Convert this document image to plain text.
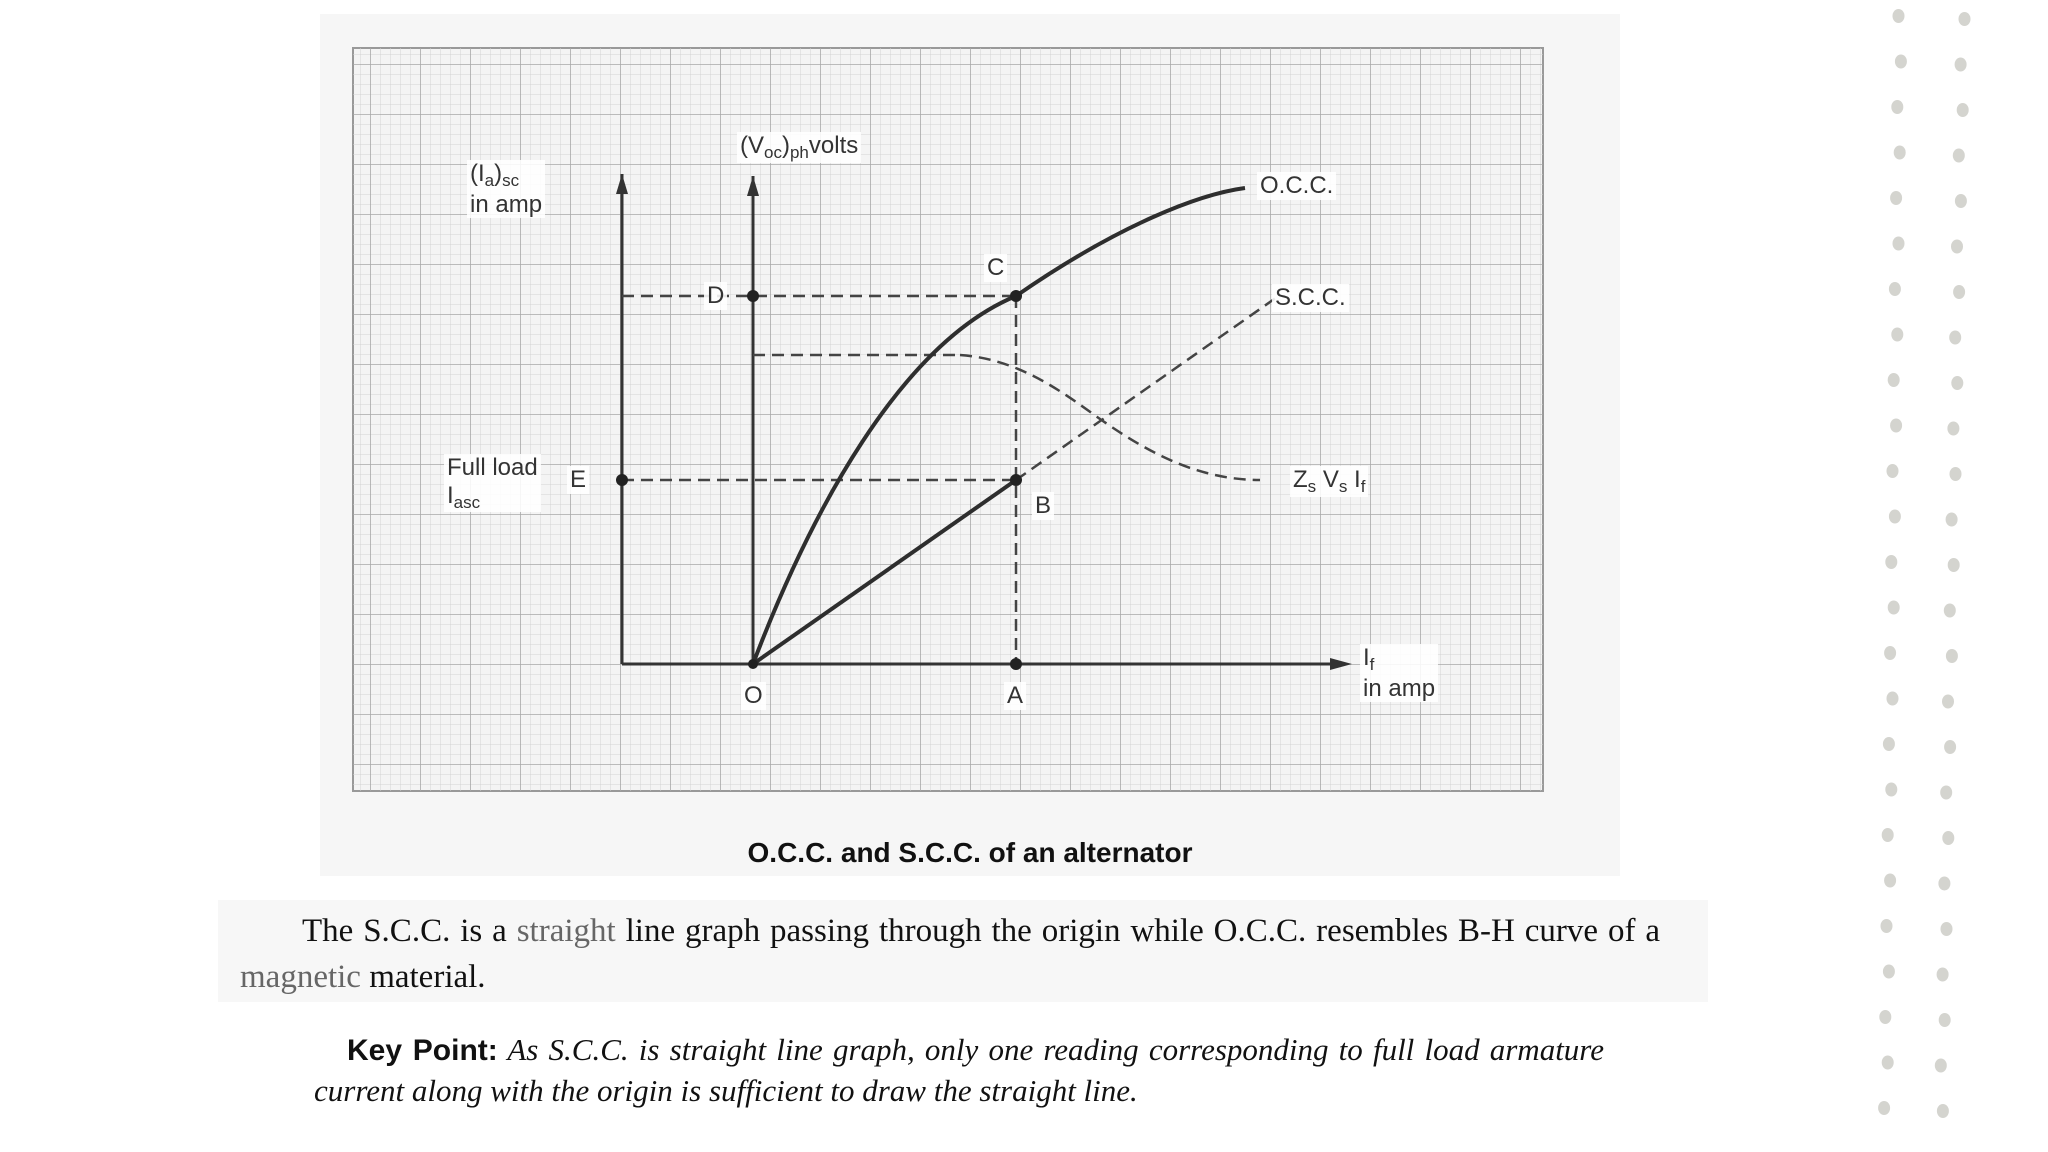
$(I_a)_{sc}$
in amp
$(V_{oc})_{ph}volts$
$I_f$
in amp
Full load
$I_{asc}$
O	A
B
C
D
E
O.C.C.
S.C.C.
$Z_s$ $V_s$ $I_f$
O.C.C. and S.C.C. of an alternator
The S.C.C. is a straight line graph passing through the origin while O.C.C. resembles B-H curve of a magnetic material.
Key Point: As S.C.C. is straight line graph, only one reading corresponding to full load armature current along with the origin is sufficient to draw the straight line.
